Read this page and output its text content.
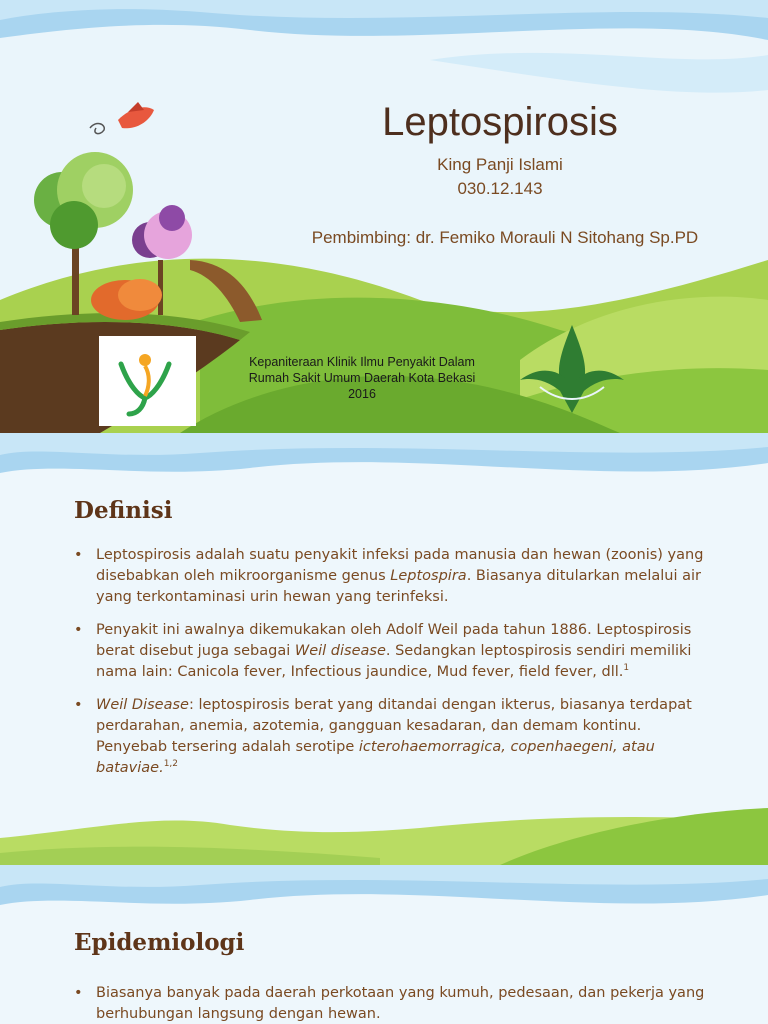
Leptospirosis
King Panji Islami
030.12.143
Pembimbing: dr. Femiko Morauli N Sitohang Sp.PD
Kepaniteraan Klinik Ilmu Penyakit Dalam
Rumah Sakit Umum Daerah Kota Bekasi
2016
Definisi
• Leptospirosis adalah suatu penyakit infeksi pada manusia dan hewan (zoonis) yang disebabkan oleh mikroorganisme genus Leptospira. Biasanya ditularkan melalui air yang terkontaminasi urin hewan yang terinfeksi.
• Penyakit ini awalnya dikemukakan oleh Adolf Weil pada tahun 1886. Leptospirosis berat disebut juga sebagai Weil disease. Sedangkan leptospirosis sendiri memiliki nama lain: Canicola fever, Infectious jaundice, Mud fever, field fever, dll.$^1$
• Weil Disease: leptospirosis berat yang ditandai dengan ikterus, biasanya terdapat perdarahan, anemia, azotemia, gangguan kesadaran, dan demam kontinu. Penyebab tersering adalah serotipe icterohaemorragica, copenhaegeni, atau bataviae.$^{1,2}$
Epidemiologi
• Biasanya banyak pada daerah perkotaan yang kumuh, pedesaan, dan pekerja yang berhubungan langsung dengan hewan.
